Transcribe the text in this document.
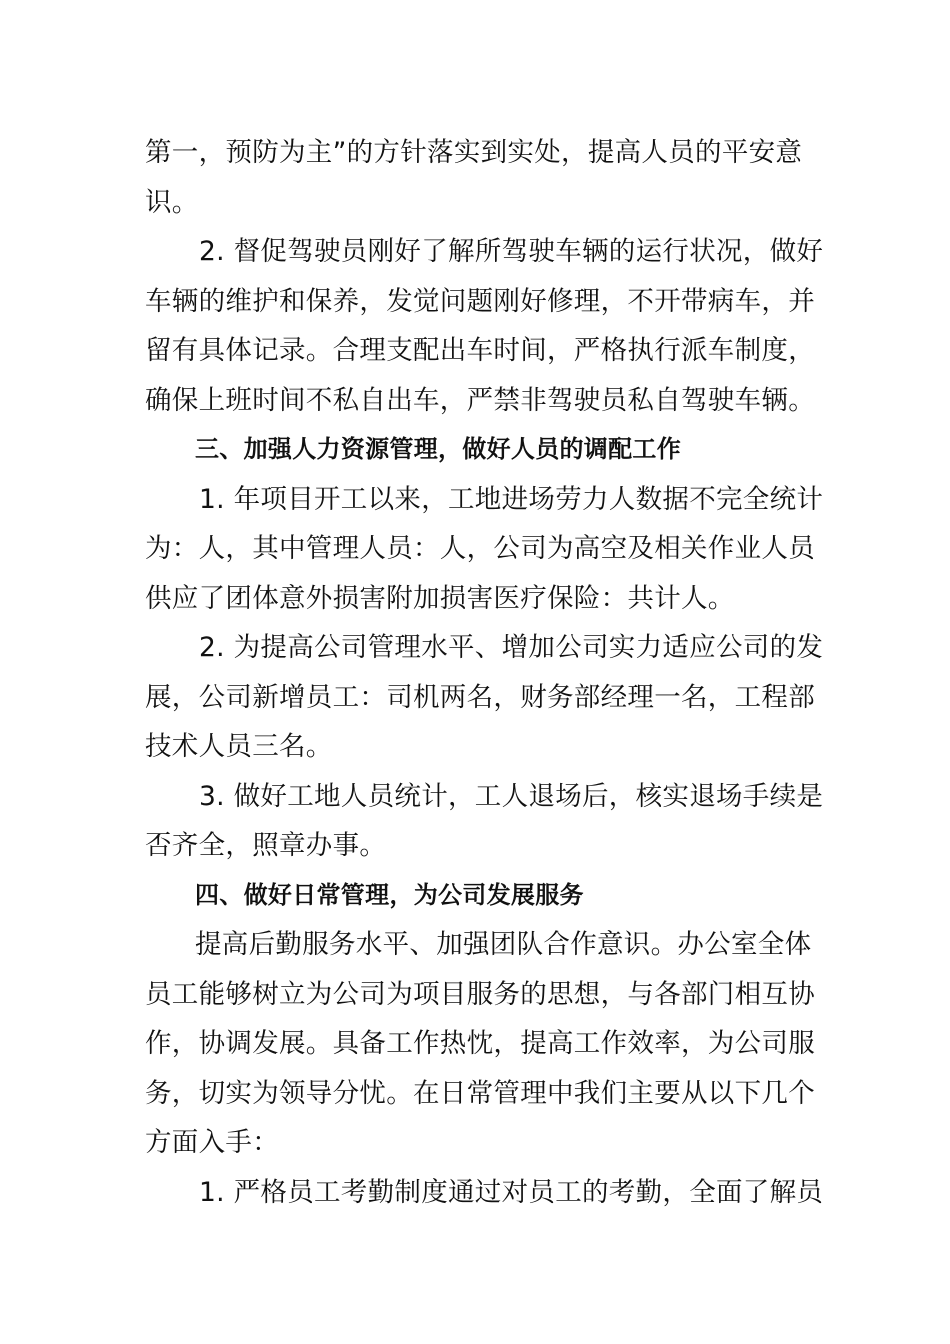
第一，预防为主”的方针落实到实处，提高人员的平安意
识。

2. 督促驾驶员刚好了解所驾驶车辆的运行状况，做好
车辆的维护和保养，发觉问题刚好修理，不开带病车，并
留有具体记录。合理支配出车时间，严格执行派车制度，
确保上班时间不私自出车，严禁非驾驶员私自驾驶车辆。

三、加强人力资源管理，做好人员的调配工作

1. 年项目开工以来，工地进场劳力人数据不完全统计
为：人，其中管理人员：人，公司为高空及相关作业人员
供应了团体意外损害附加损害医疗保险：共计人。

2. 为提高公司管理水平、增加公司实力适应公司的发
展，公司新增员工：司机两名，财务部经理一名，工程部
技术人员三名。

3. 做好工地人员统计，工人退场后，核实退场手续是
否齐全，照章办事。

四、做好日常管理，为公司发展服务

提高后勤服务水平、加强团队合作意识。办公室全体
员工能够树立为公司为项目服务的思想，与各部门相互协
作，协调发展。具备工作热忱，提高工作效率，为公司服
务，切实为领导分忧。在日常管理中我们主要从以下几个
方面入手：

1. 严格员工考勤制度通过对员工的考勤，全面了解员
